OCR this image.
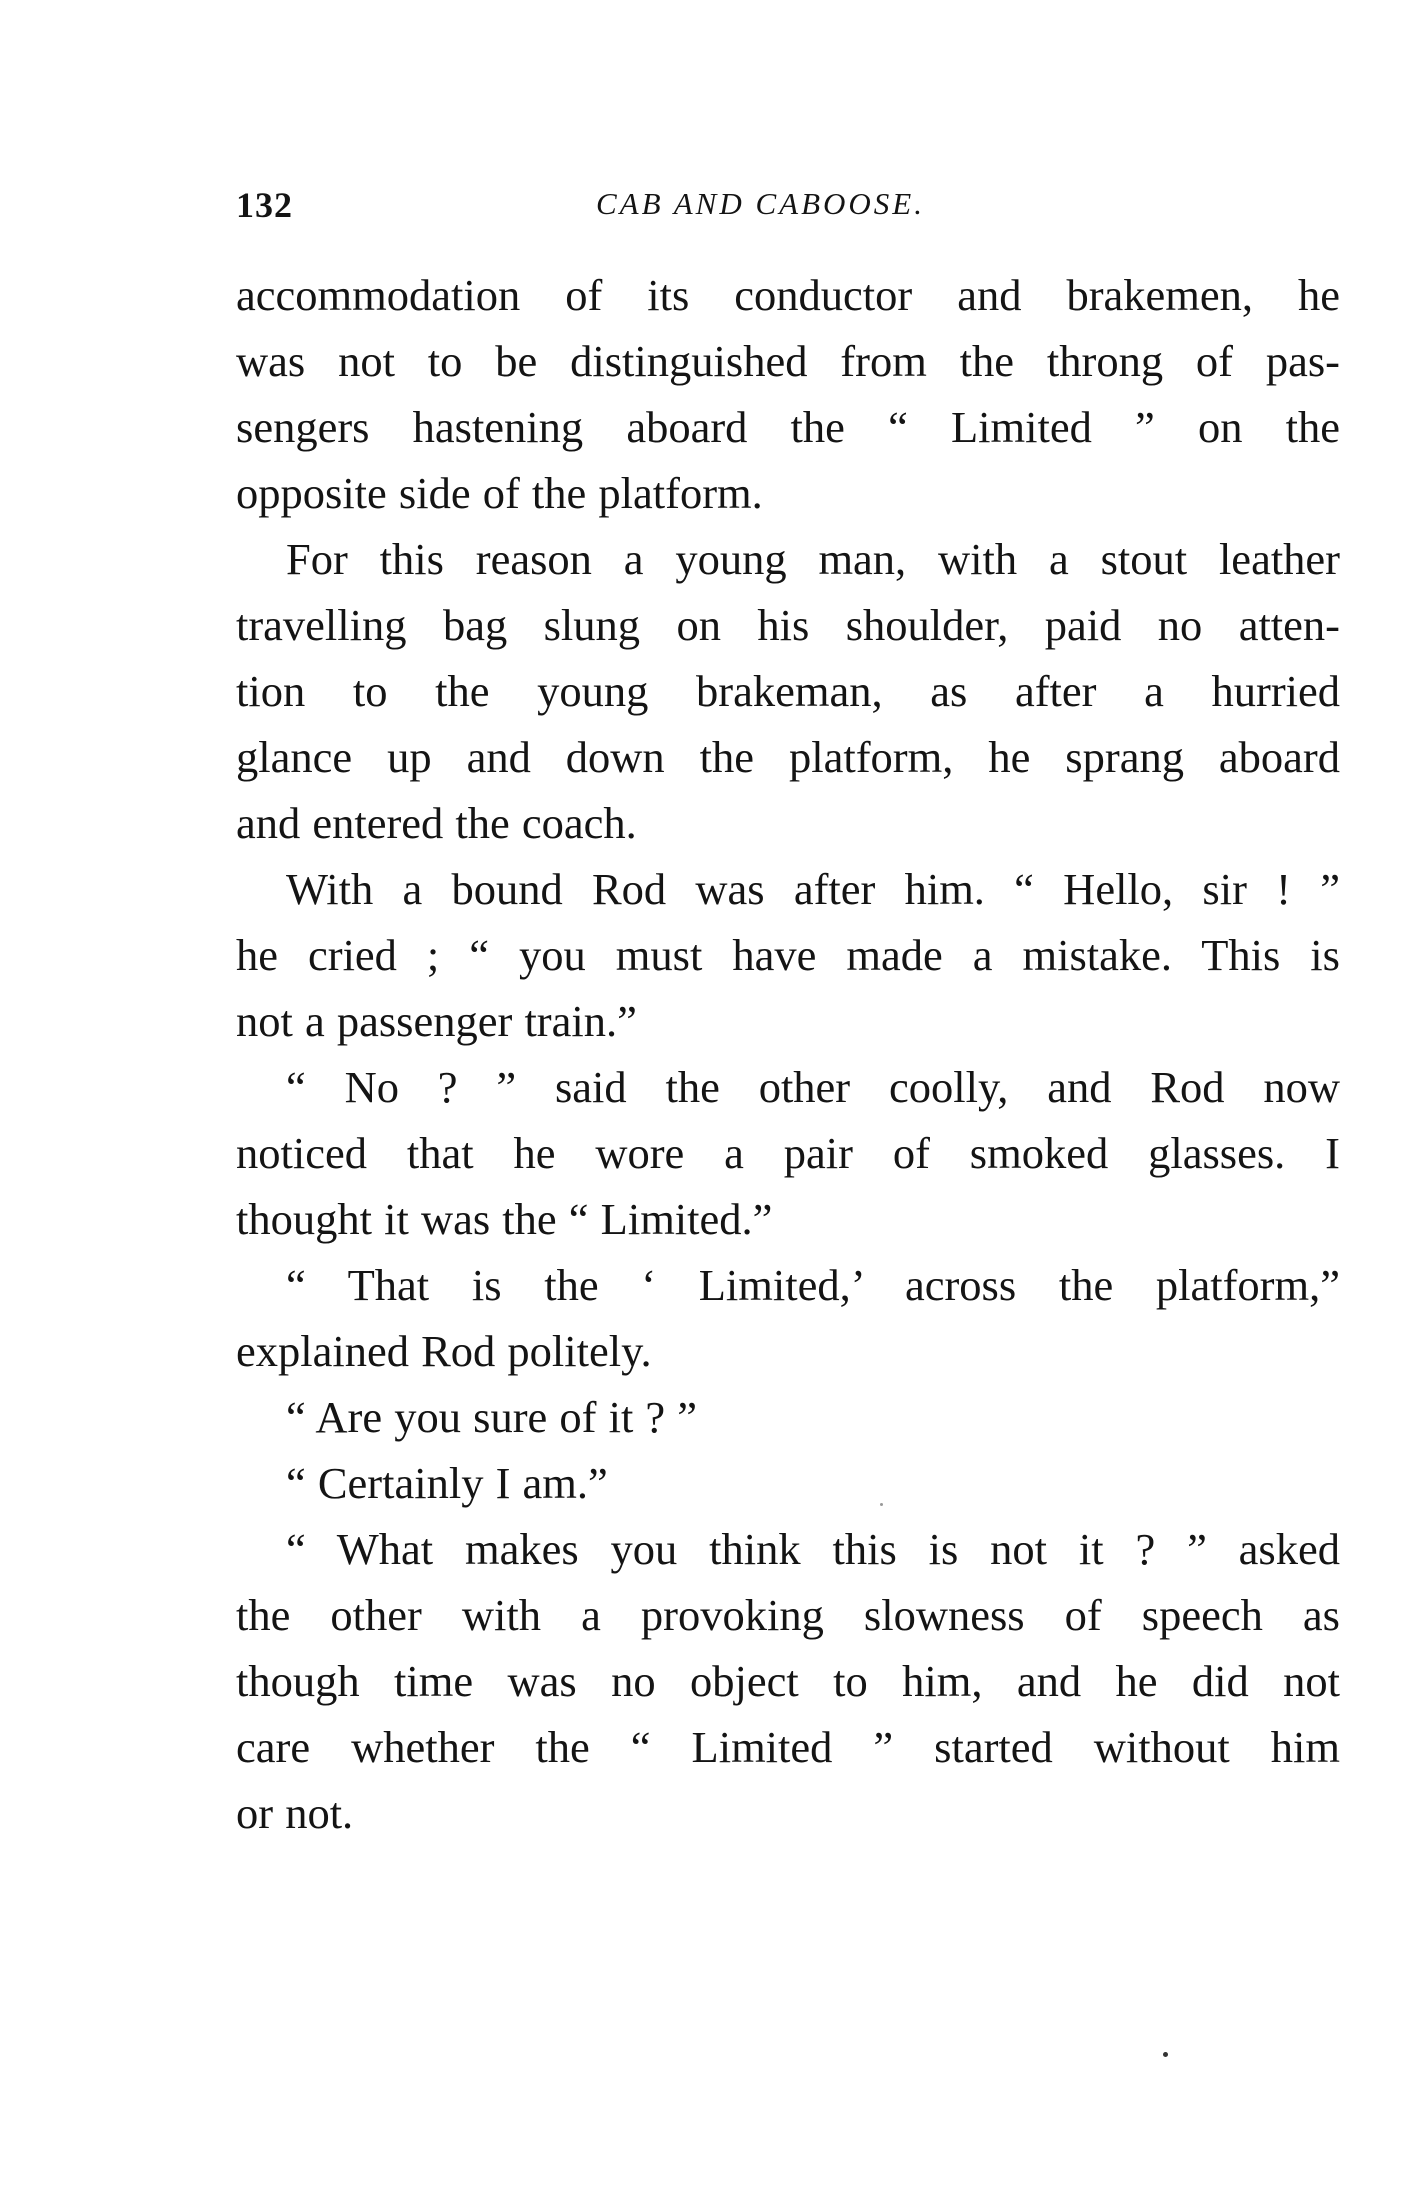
132	CAB AND CABOOSE.
accommodation of its conductor and brakemen, he
was not to be distinguished from the throng of pas-
sengers hastening aboard the “ Limited ” on the
opposite side of the platform.
For this reason a young man, with a stout leather
travelling bag slung on his shoulder, paid no atten-
tion to the young brakeman, as after a hurried
glance up and down the platform, he sprang aboard
and entered the coach.
With a bound Rod was after him. “ Hello, sir ! ”
he cried ; “ you must have made a mistake. This is
not a passenger train.”
“ No ? ” said the other coolly, and Rod now
noticed that he wore a pair of smoked glasses. I
thought it was the “ Limited.”
“ That is the ‘ Limited,’ across the platform,”
explained Rod politely.
“ Are you sure of it ? ”
“ Certainly I am.”
“ What makes you think this is not it ? ” asked
the other with a provoking slowness of speech as
though time was no object to him, and he did not
care whether the “ Limited ” started without him
or not.
